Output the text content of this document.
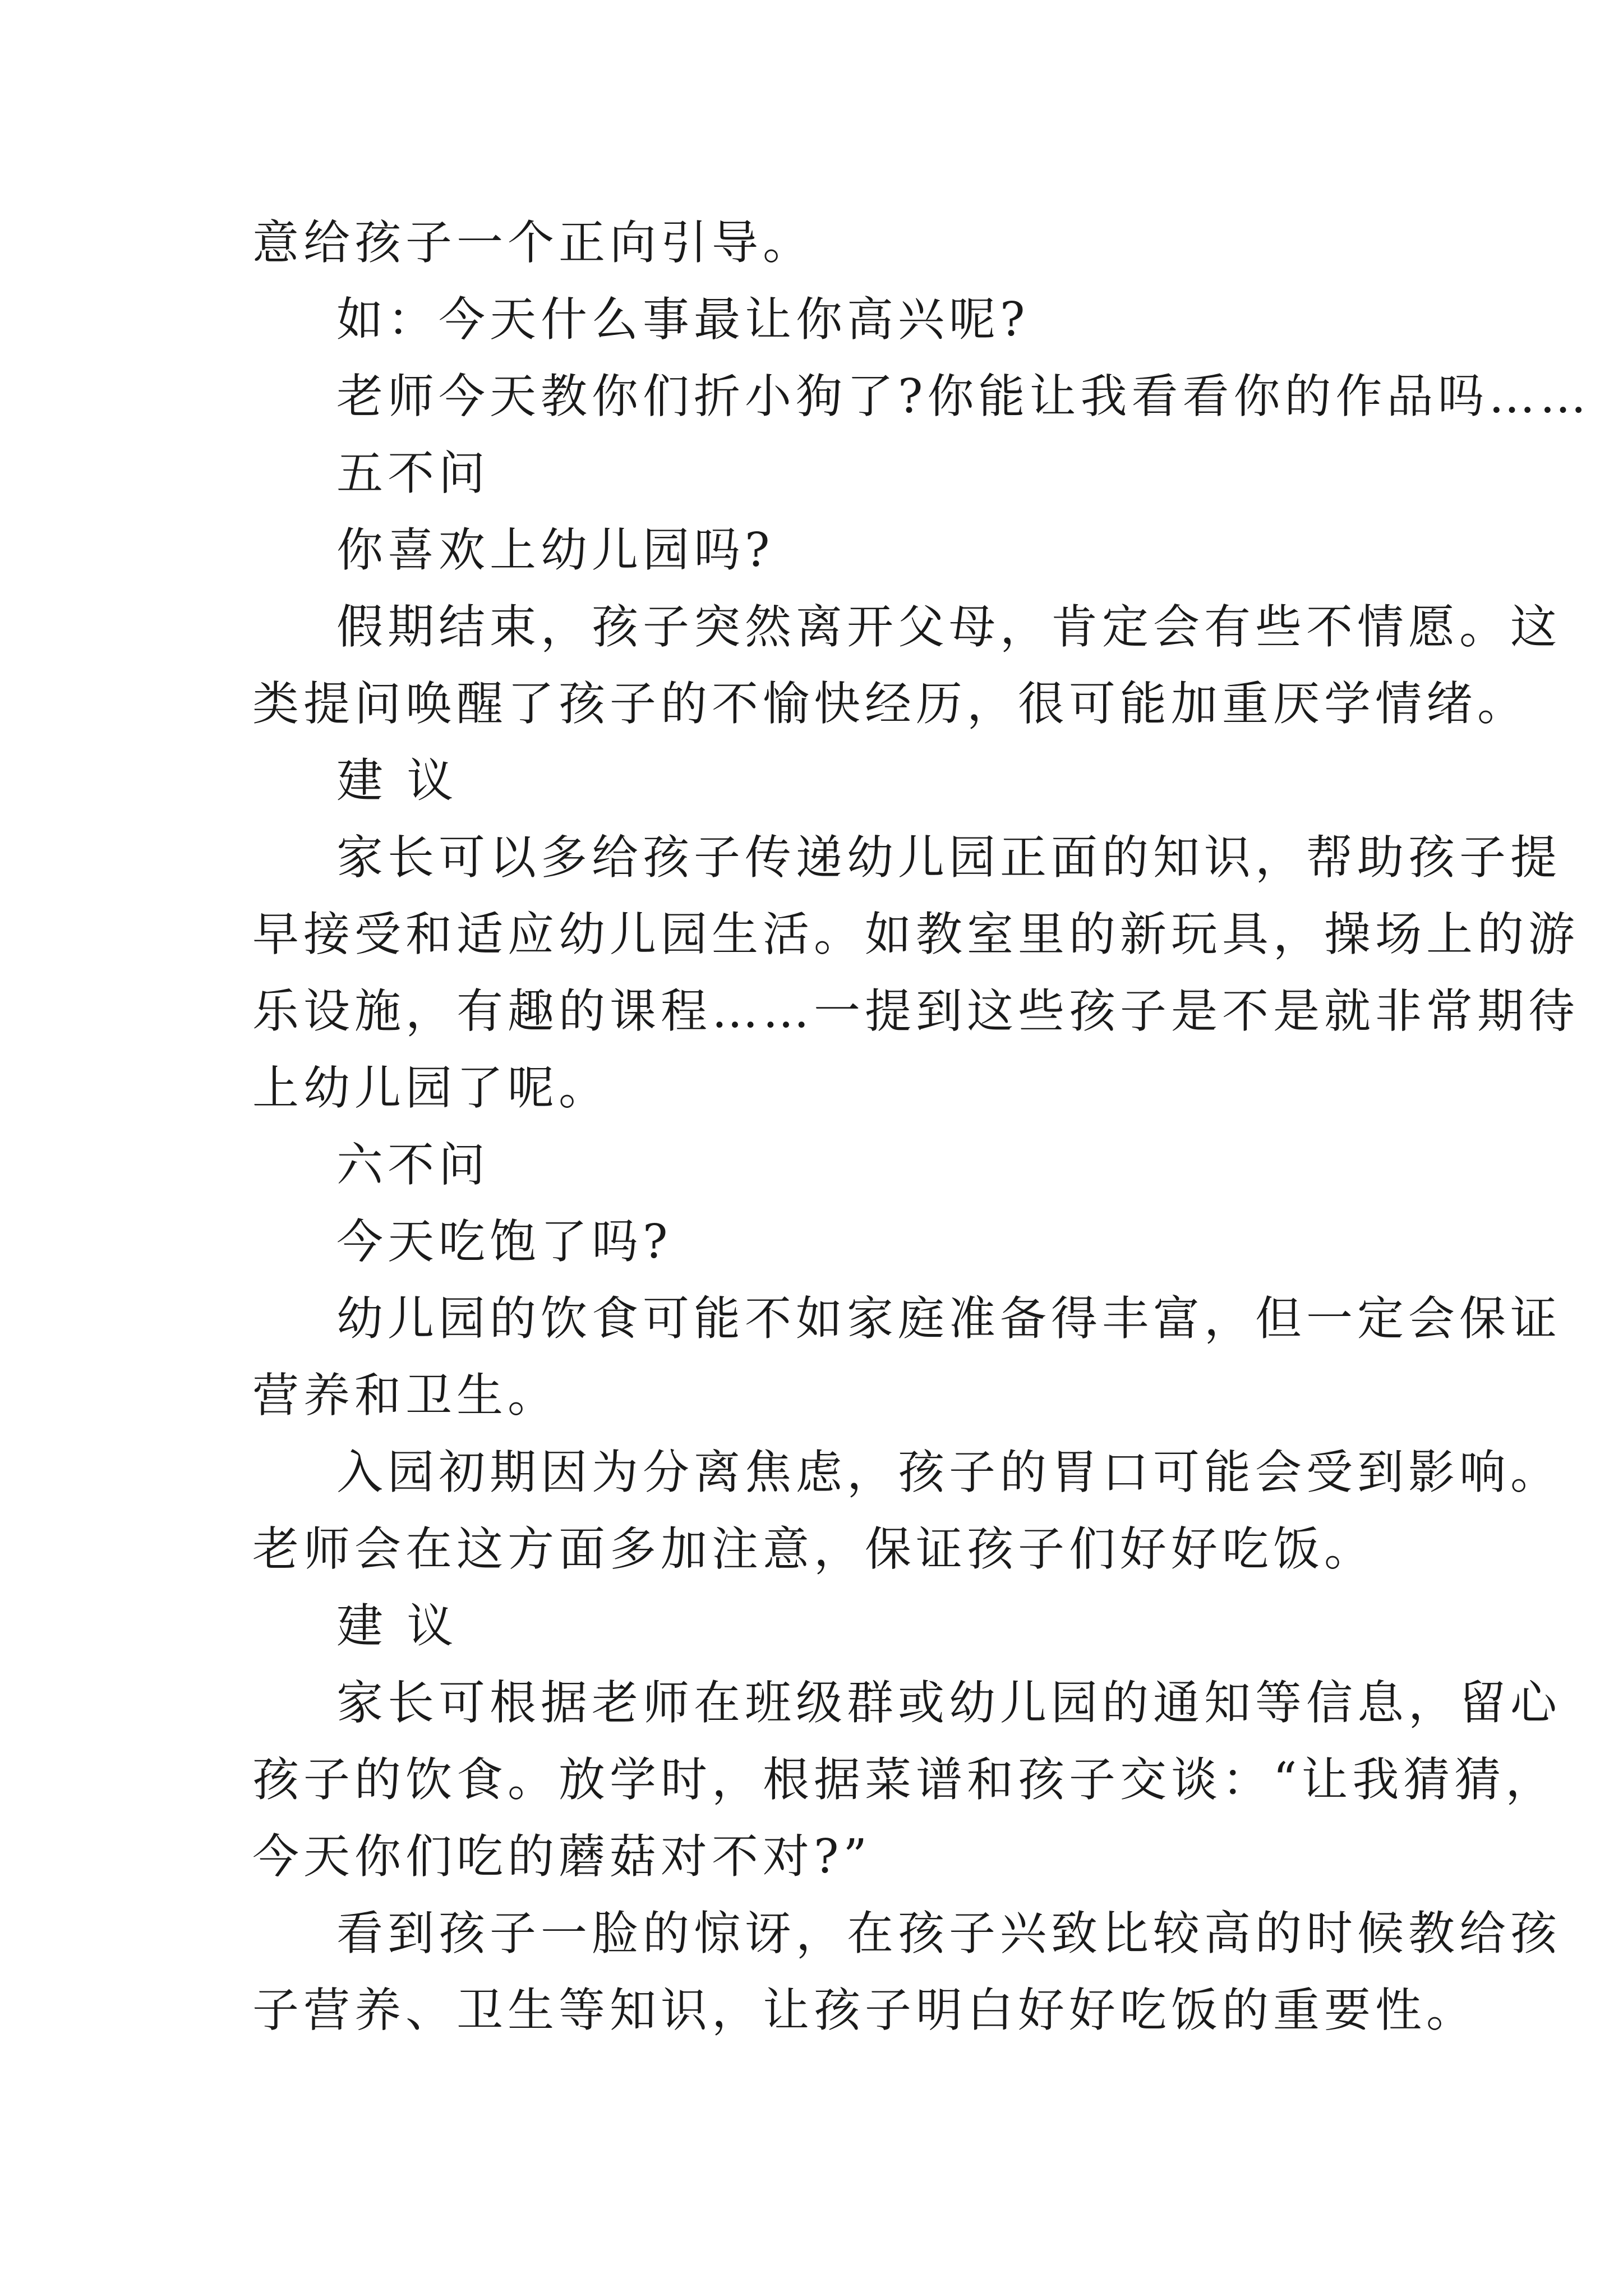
意给孩子一个正向引导。
如：今天什么事最让你高兴呢?
老师今天教你们折小狗了?你能让我看看你的作品吗……
五不问
你喜欢上幼儿园吗?
假期结束，孩子突然离开父母，肯定会有些不情愿。这
类提问唤醒了孩子的不愉快经历，很可能加重厌学情绪。
建 议
家长可以多给孩子传递幼儿园正面的知识，帮助孩子提
早接受和适应幼儿园生活。如教室里的新玩具，操场上的游
乐设施，有趣的课程……一提到这些孩子是不是就非常期待
上幼儿园了呢。
六不问
今天吃饱了吗?
幼儿园的饮食可能不如家庭准备得丰富，但一定会保证
营养和卫生。
入园初期因为分离焦虑，孩子的胃口可能会受到影响。
老师会在这方面多加注意，保证孩子们好好吃饭。
建 议
家长可根据老师在班级群或幼儿园的通知等信息，留心
孩子的饮食。放学时，根据菜谱和孩子交谈：“让我猜猜，
今天你们吃的蘑菇对不对?”
看到孩子一脸的惊讶，在孩子兴致比较高的时候教给孩
子营养、卫生等知识，让孩子明白好好吃饭的重要性。
